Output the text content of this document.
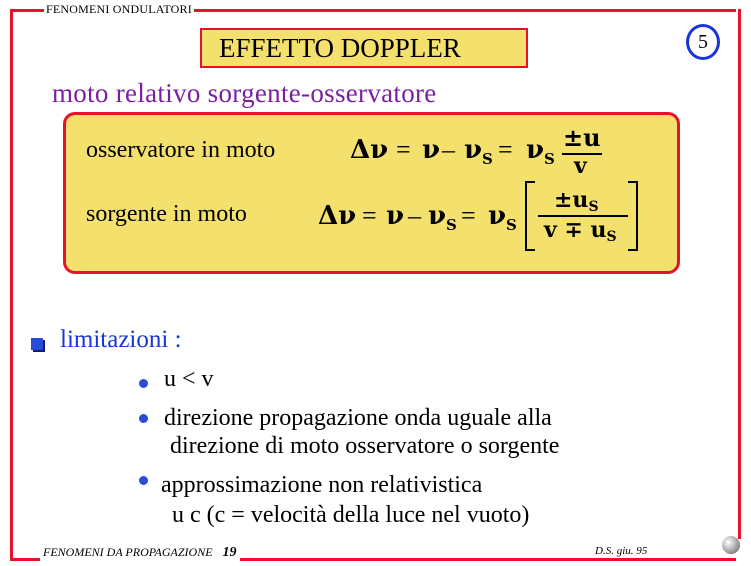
FENOMENI ONDULATORI
EFFETTO DOPPLER	5
moto relativo sorgente-osservatore
osservatore in moto	$\Delta\nu = \nu - \nu_S = \nu_S$
±u
v
sorgente in moto	$\Delta\nu = \nu - \nu_S = \nu_S$
±uS
v ∓ uS
limitazioni :
u < v
direzione propagazione onda uguale alla
direzione di moto osservatore o sorgente
approssimazione non relativistica
u c (c = velocità della luce nel vuoto)
FENOMENI DA PROPAGAZIONE 19	D.S. giu. 95
